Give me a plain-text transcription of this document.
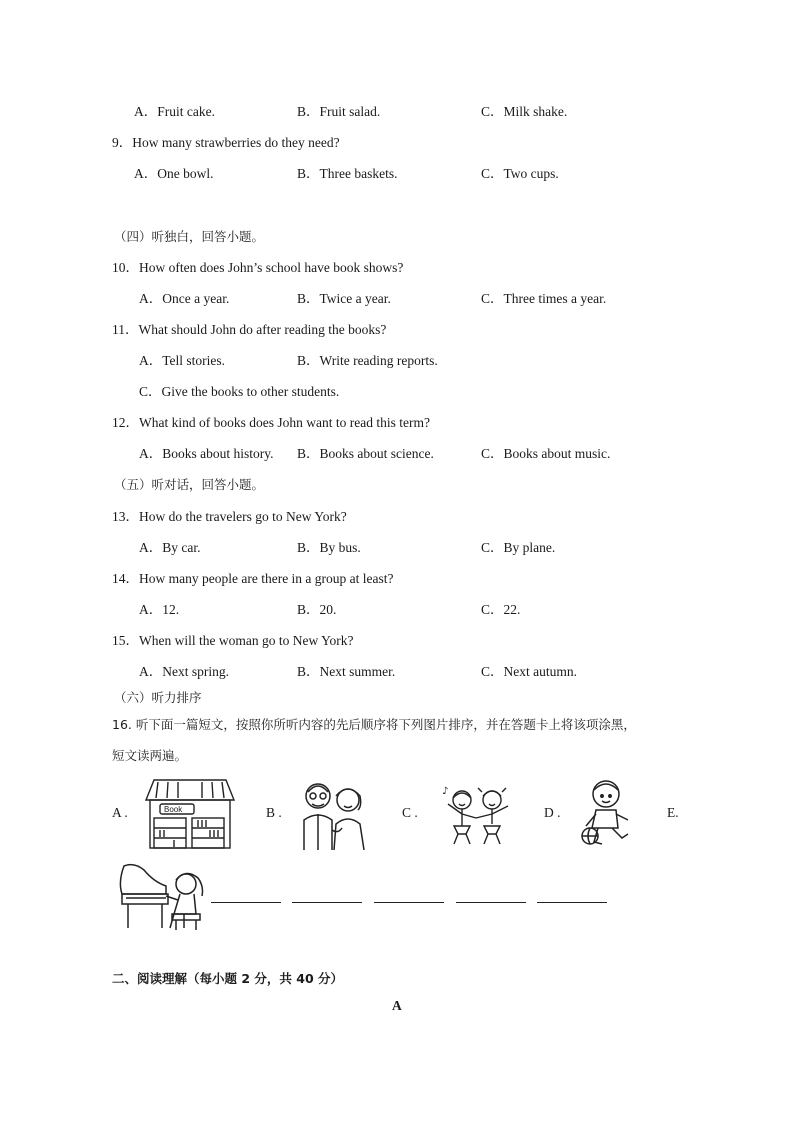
A．Fruit cake.	B．Fruit salad.	C．Milk shake.
9．How many strawberries do they need?
A．One bowl.	B．Three baskets.	C．Two cups.
（四）听独白，回答小题。
10．How often does John’s school have book shows?
A．Once a year.	B．Twice a year.	C．Three times a year.
11．What should John do after reading the books?
A．Tell stories.	B．Write reading reports.
C．Give the books to other students.
12．What kind of books does John want to read this term?
A．Books about history. B．Books about science.	C．Books about music.
（五）听对话，回答小题。
13．How do the travelers go to New York?
A．By car.	B．By bus.	C．By plane.
14．How many people are there in a group at least?
A．12.	B．20.	C．22.
15．When will the woman go to New York?
A．Next spring.	B．Next summer.	C．Next autumn.
（六）听力排序
16. 听下面一篇短文，按照你所听内容的先后顺序将下列图片排序，并在答题卡上将该项涂黑，
短文读两遍。
A .	B .	C .	D .	E.
Book
♪
二、阅读理解（每小题 2 分，共 40 分）
A
